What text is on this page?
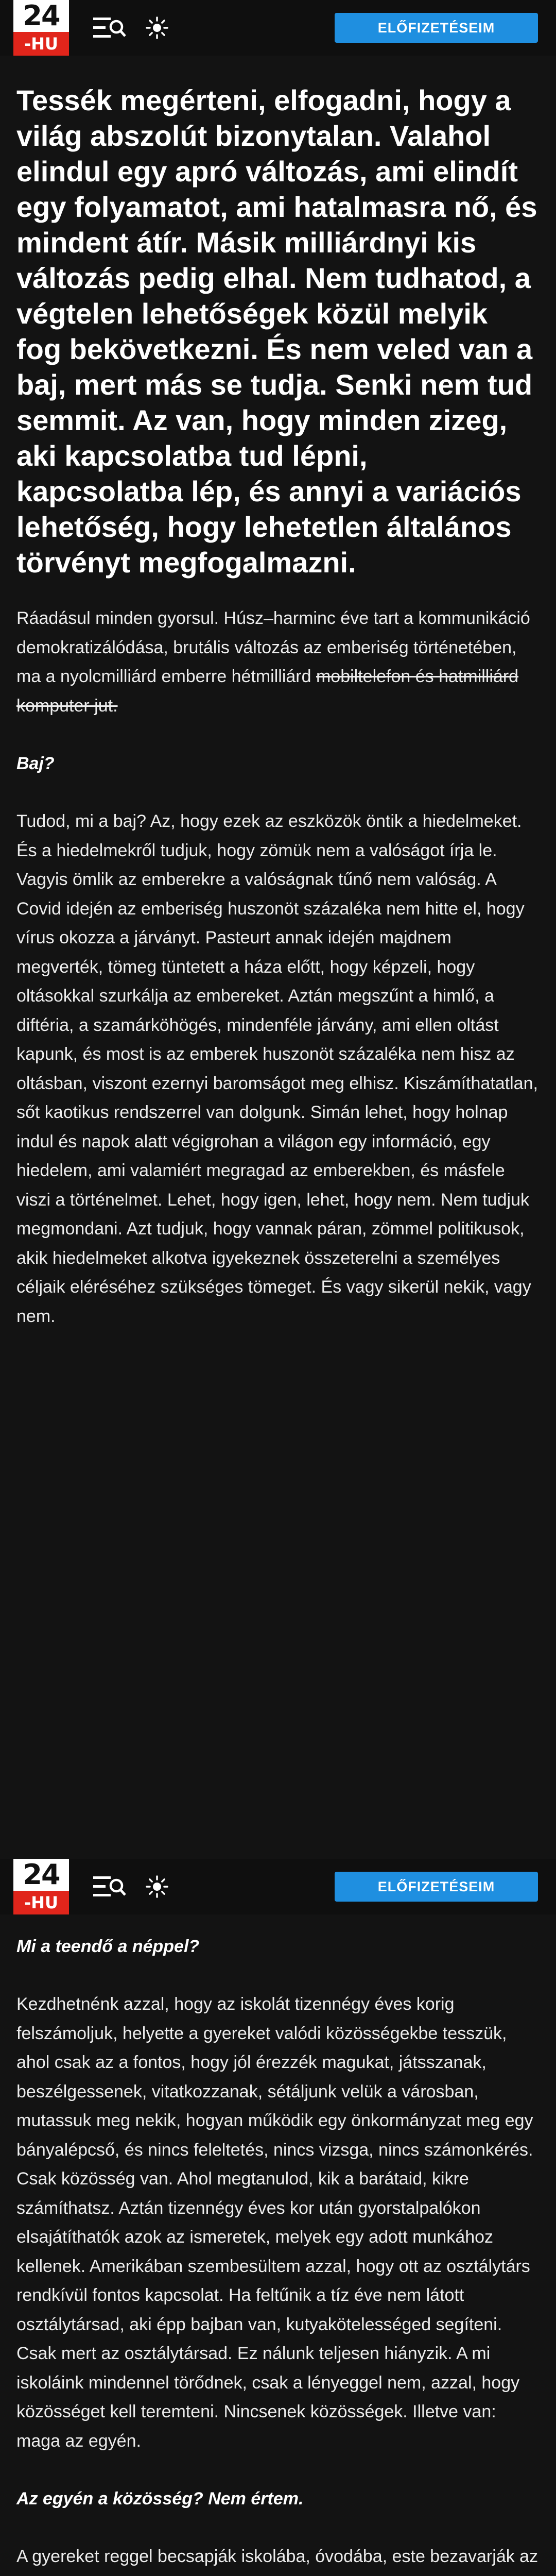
24
-HU
ELŐFIZETÉSEIM

Tessék megérteni, elfogadni, hogy a világ abszolút bizonytalan. Valahol elindul egy apró változás, ami elindít egy folyamatot, ami hatalmasra nő, és mindent átír. Másik milliárdnyi kis változás pedig elhal. Nem tudhatod, a végtelen lehetőségek közül melyik fog bekövetkezni. És nem veled van a baj, mert más se tudja. Senki nem tud semmit. Az van, hogy minden zizeg, aki kapcsolatba tud lépni, kapcsolatba lép, és annyi a variációs lehetőség, hogy lehetetlen általános törvényt megfogalmazni.

Ráadásul minden gyorsul. Húsz–harminc éve tart a kommunikáció demokratizálódása, brutális változás az emberiség történetében, ma a nyolcmilliárd emberre hétmilliárd mobiltelefon és hatmilliárd komputer jut.

Baj?

Tudod, mi a baj? Az, hogy ezek az eszközök öntik a hiedelmeket. És a hiedelmekről tudjuk, hogy zömük nem a valóságot írja le. Vagyis ömlik az emberekre a valóságnak tűnő nem valóság. A Covid idején az emberiség huszonöt százaléka nem hitte el, hogy vírus okozza a járványt. Pasteurt annak idején majdnem megverték, tömeg tüntetett a háza előtt, hogy képzeli, hogy oltásokkal szurkálja az embereket. Aztán megszűnt a himlő, a diftéria, a szamárköhögés, mindenféle járvány, ami ellen oltást kapunk, és most is az emberek huszonöt százaléka nem hisz az oltásban, viszont ezernyi baromságot meg elhisz. Kiszámíthatatlan, sőt kaotikus rendszerrel van dolgunk. Simán lehet, hogy holnap indul és napok alatt végigrohan a világon egy információ, egy hiedelem, ami valamiért megragad az emberekben, és másfele viszi a történelmet. Lehet, hogy igen, lehet, hogy nem. Nem tudjuk megmondani. Azt tudjuk, hogy vannak páran, zömmel politikusok, akik hiedelmeket alkotva igyekeznek összeterelni a személyes céljaik eléréséhez szükséges tömeget. És vagy sikerül nekik, vagy nem.

24
-HU
ELŐFIZETÉSEIM

Mi a teendő a néppel?

Kezdhetnénk azzal, hogy az iskolát tizennégy éves korig felszámoljuk, helyette a gyereket valódi közösségekbe tesszük, ahol csak az a fontos, hogy jól érezzék magukat, játsszanak, beszélgessenek, vitatkozzanak, sétáljunk velük a városban, mutassuk meg nekik, hogyan működik egy önkormányzat meg egy bányalépcső, és nincs feleltetés, nincs vizsga, nincs számonkérés. Csak közösség van. Ahol megtanulod, kik a barátaid, kikre számíthatsz. Aztán tizennégy éves kor után gyorstalpalókon elsajátíthatók azok az ismeretek, melyek egy adott munkához kellenek. Amerikában szembesültem azzal, hogy ott az osztálytárs rendkívül fontos kapcsolat. Ha feltűnik a tíz éve nem látott osztálytársad, aki épp bajban van, kutyakötelességed segíteni. Csak mert az osztálytársad. Ez nálunk teljesen hiányzik. A mi iskoláink mindennel törődnek, csak a lényeggel nem, azzal, hogy közösséget kell teremteni. Nincsenek közösségek. Illetve van: maga az egyén.

Az egyén a közösség? Nem értem.

A gyereket reggel becsapják iskolába, óvodába, este bezavarják az
